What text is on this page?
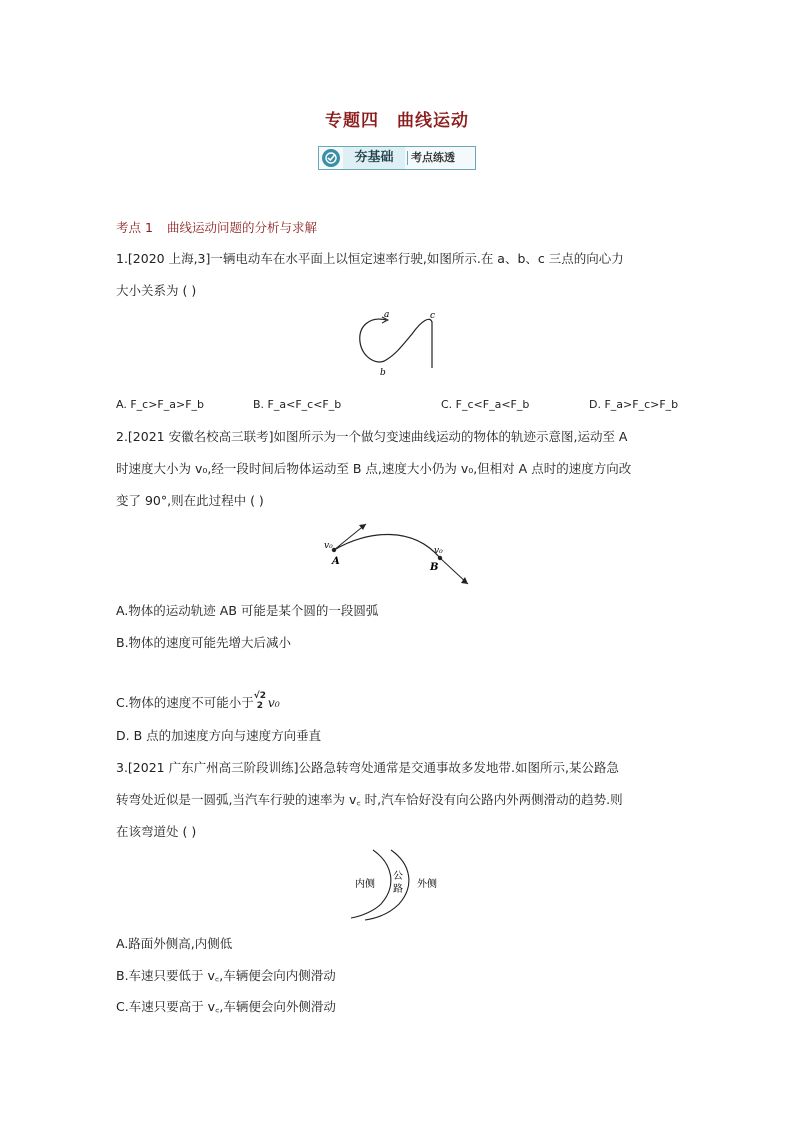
专题四 曲线运动
夯基础	考点练透
考点 1 曲线运动问题的分析与求解
1.[2020 上海,3]一辆电动车在水平面上以恒定速率行驶,如图所示.在 a、b、c 三点的向心力
大小关系为 ( )
a
b
c
A. F_c>F_a>F_b	B. F_a<F_c<F_b	C. F_c<F_a<F_b	D. F_a>F_c>F_b
2.[2021 安徽名校高三联考]如图所示为一个做匀变速曲线运动的物体的轨迹示意图,运动至 A
时速度大小为 v₀,经一段时间后物体运动至 B 点,速度大小仍为 v₀,但相对 A 点时的速度方向改
变了 90°,则在此过程中 ( )
v₀
A
v₀
B
A.物体的运动轨迹 AB 可能是某个圆的一段圆弧
B.物体的速度可能先增大后减小
C.物体的速度不可能小于 √2
2 v₀
D. B 点的加速度方向与速度方向垂直
3.[2021 广东广州高三阶段训练]公路急转弯处通常是交通事故多发地带.如图所示,某公路急
转弯处近似是一圆弧,当汽车行驶的速率为 v꜀ 时,汽车恰好没有向公路内外两侧滑动的趋势.则
在该弯道处 ( )
内侧
公
路 外侧
A.路面外侧高,内侧低
B.车速只要低于 v꜀,车辆便会向内侧滑动
C.车速只要高于 v꜀,车辆便会向外侧滑动
